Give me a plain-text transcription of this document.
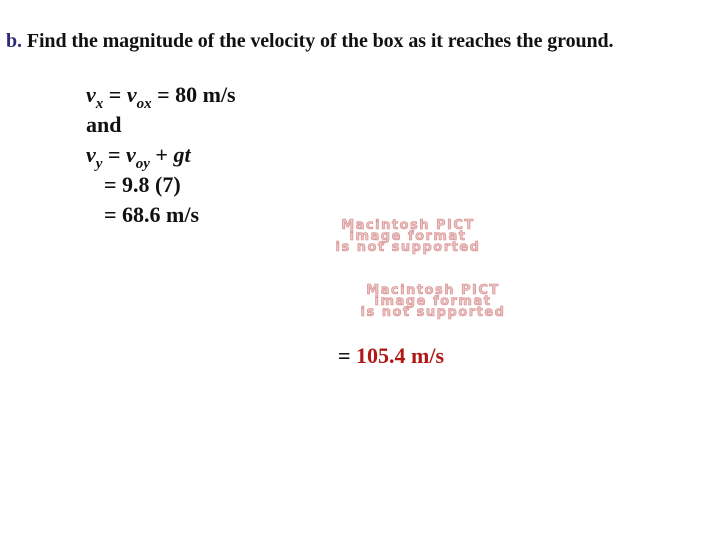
b. Find the magnitude of the velocity of the box as it reaches the ground.
$v_x = v_{ox} = 80$ m/s
and
$v_y = v_{oy}$ + gt
= 9.8 (7)
= 68.6 m/s	Macintosh PICT
image format
is not supported
Macintosh PICT
image format
is not supported
= 105.4 m/s
